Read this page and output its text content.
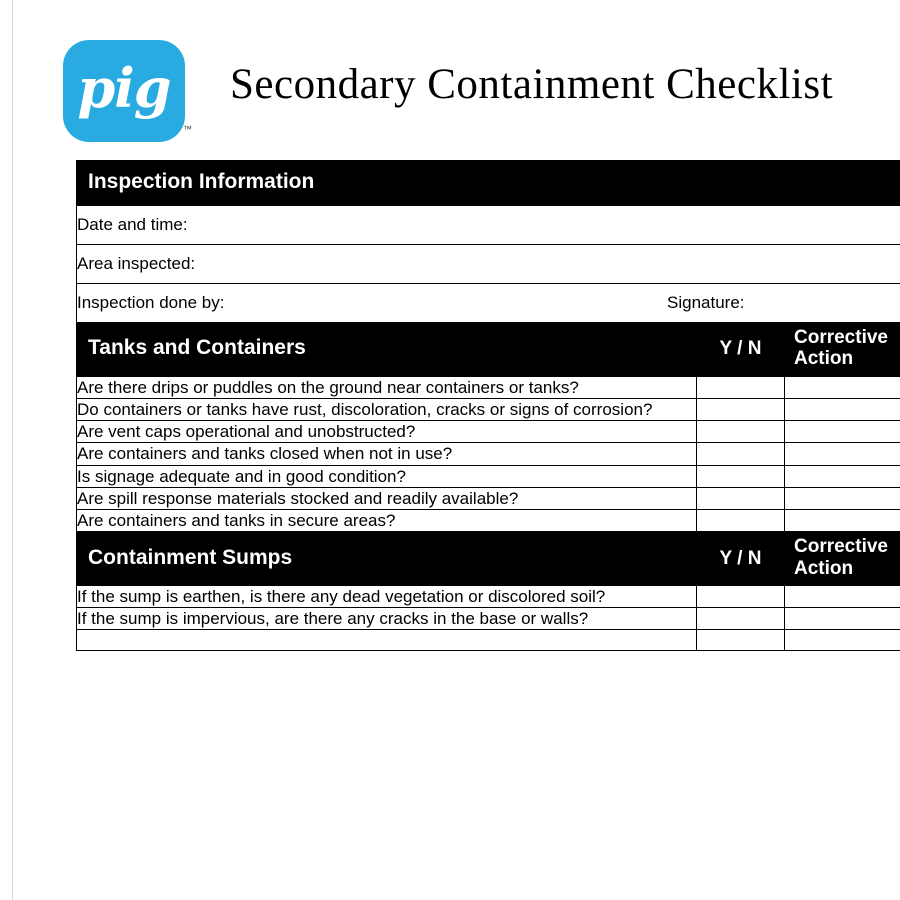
pig
™
Secondary Containment Checklist
Inspection Information		
Date and time:		
Area inspected:		
Inspection done by: Signature:		

Tanks and Containers	Y / N	Corrective
Action

Are there drips or puddles on the ground near containers or tanks?		
Do containers or tanks have rust, discoloration, cracks or signs of corrosion?		
Are vent caps operational and unobstructed?		
Are containers and tanks closed when not in use?		
Is signage adequate and in good condition?		
Are spill response materials stocked and readily available?		
Are containers and tanks in secure areas?		
Containment Sumps	Y / N	Corrective
Action

If the sump is earthen, is there any dead vegetation or discolored soil?		
If the sump is impervious, are there any cracks in the base or walls?		
